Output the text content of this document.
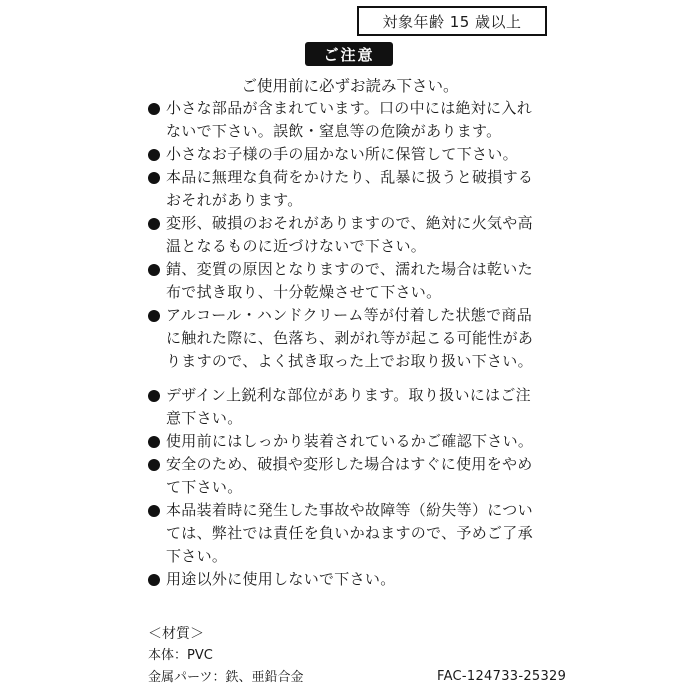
対象年齢 15 歳以上
ご注意
ご使用前に必ずお読み下さい。
小さな部品が含まれています。口の中には絶対に入れ
ないで下さい。誤飲・窒息等の危険があります。
小さなお子様の手の届かない所に保管して下さい。
本品に無理な負荷をかけたり、乱暴に扱うと破損する
おそれがあります。
変形、破損のおそれがありますので、絶対に火気や高
温となるものに近づけないで下さい。
錆、変質の原因となりますので、濡れた場合は乾いた
布で拭き取り、十分乾燥させて下さい。
アルコール・ハンドクリーム等が付着した状態で商品
に触れた際に、色落ち、剥がれ等が起こる可能性があ
りますので、よく拭き取った上でお取り扱い下さい。
デザイン上鋭利な部位があります。取り扱いにはご注
意下さい。
使用前にはしっかり装着されているかご確認下さい。
安全のため、破損や変形した場合はすぐに使用をやめ
て下さい。
本品装着時に発生した事故や故障等（紛失等）につい
ては、弊社では責任を負いかねますので、予めご了承
下さい。
用途以外に使用しないで下さい。
＜材質＞
本体：PVC
金属パーツ：鉄、亜鉛合金	FAC-124733-25329
